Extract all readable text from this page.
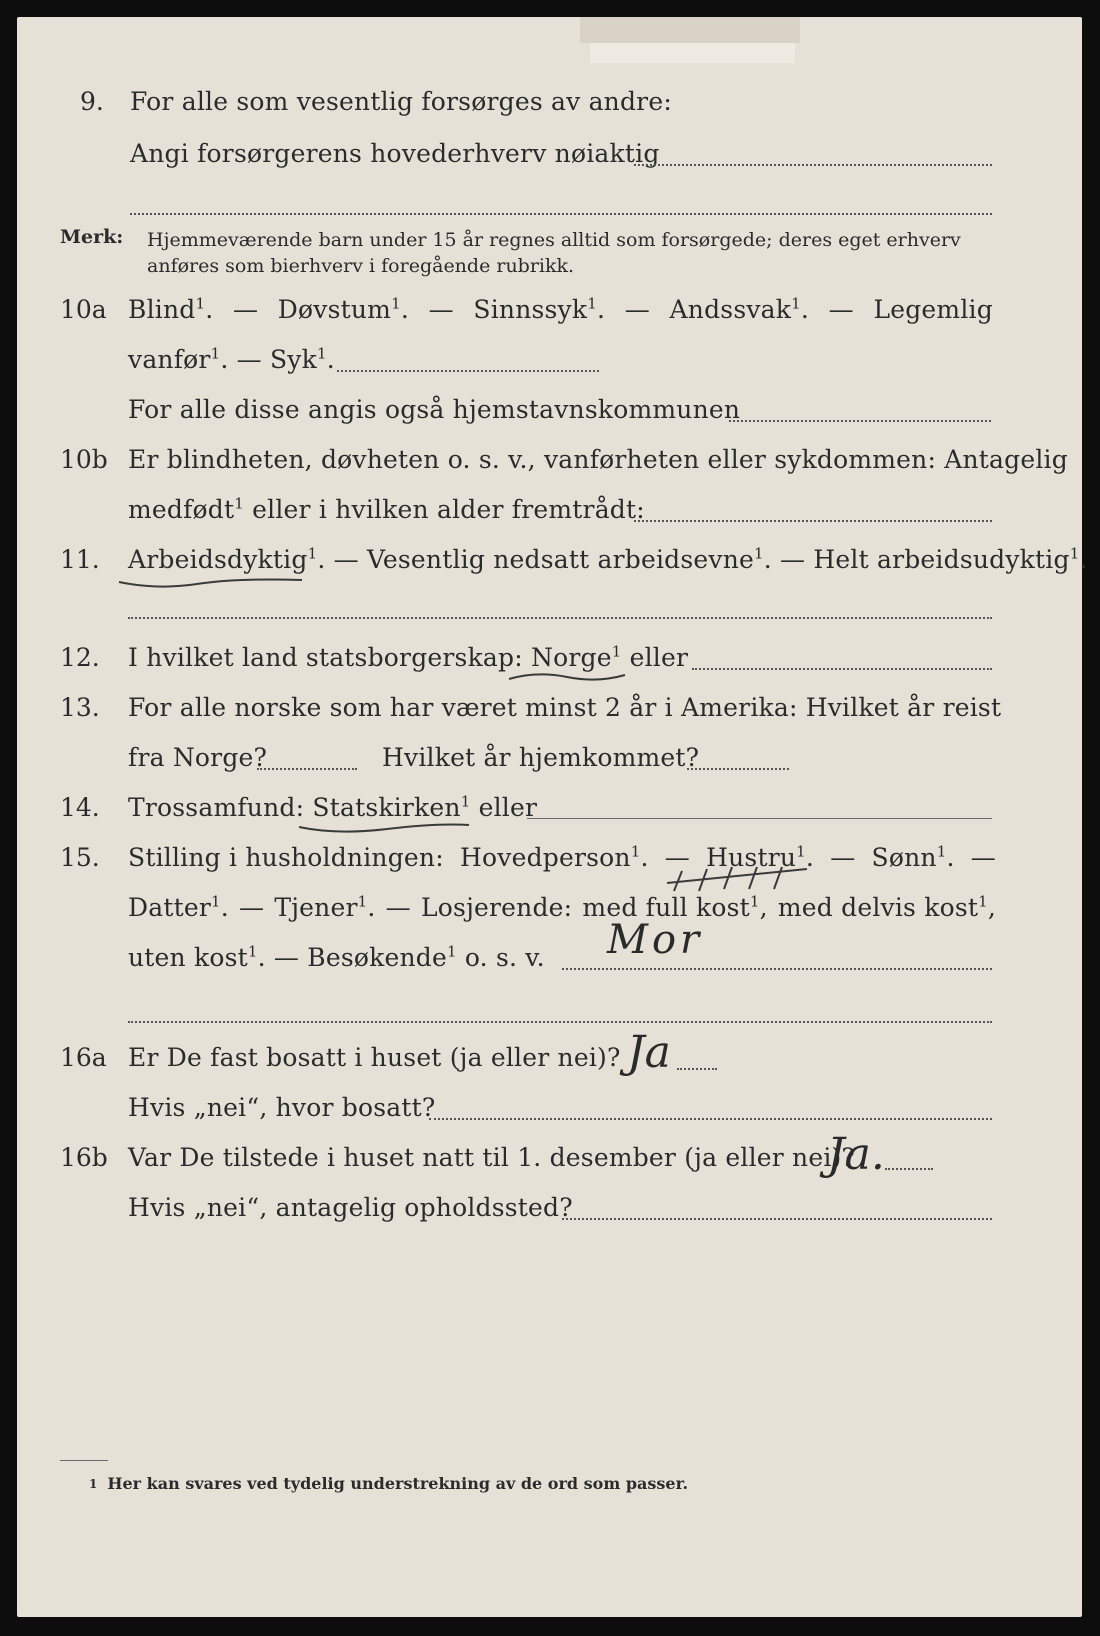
9. For alle som vesentlig forsørges av andre:
Angi forsørgerens hovederhverv nøiaktig
Merk: Hjemmeværende barn under 15 år regnes alltid som forsørgede; deres eget erhverv
anføres som bierhverv i foregående rubrikk.
10a Blind$^1$. — Døvstum$^1$. — Sinnssyk$^1$. — Andssvak$^1$. — Legemlig
vanfør$^1$. — Syk$^1$.
For alle disse angis også hjemstavnskommunen
10b Er blindheten, døvheten o. s. v., vanførheten eller sykdommen: Antagelig
medfødt$^1$ eller i hvilken alder fremtrådt:
11. Arbeidsdyktig$^1$. — Vesentlig nedsatt arbeidsevne$^1$. — Helt arbeidsudyktig$^1$.
12. I hvilket land statsborgerskap: Norge$^1$ eller
13. For alle norske som har været minst 2 år i Amerika: Hvilket år reist
fra Norge?	Hvilket år hjemkommet?
14. Trossamfund: Statskirken$^1$ eller
15. Stilling i husholdningen: Hovedperson$^1$. — Hustru$^1$. — Sønn$^1$. —
Datter$^1$. — Tjener$^1$. — Losjerende: med full kost$^1$, med delvis kost$^1$,
uten kost$^1$. — Besøkende$^1$ o. s. v. Mor
16a Er De fast bosatt i huset (ja eller nei)? Ja
Hvis „nei“, hvor bosatt?
16b Var De tilstede i huset natt til 1. desember (ja eller nei)?
Ja.
Hvis „nei“, antagelig opholdssted?
$^1$ Her kan svares ved tydelig understrekning av de ord som passer.
